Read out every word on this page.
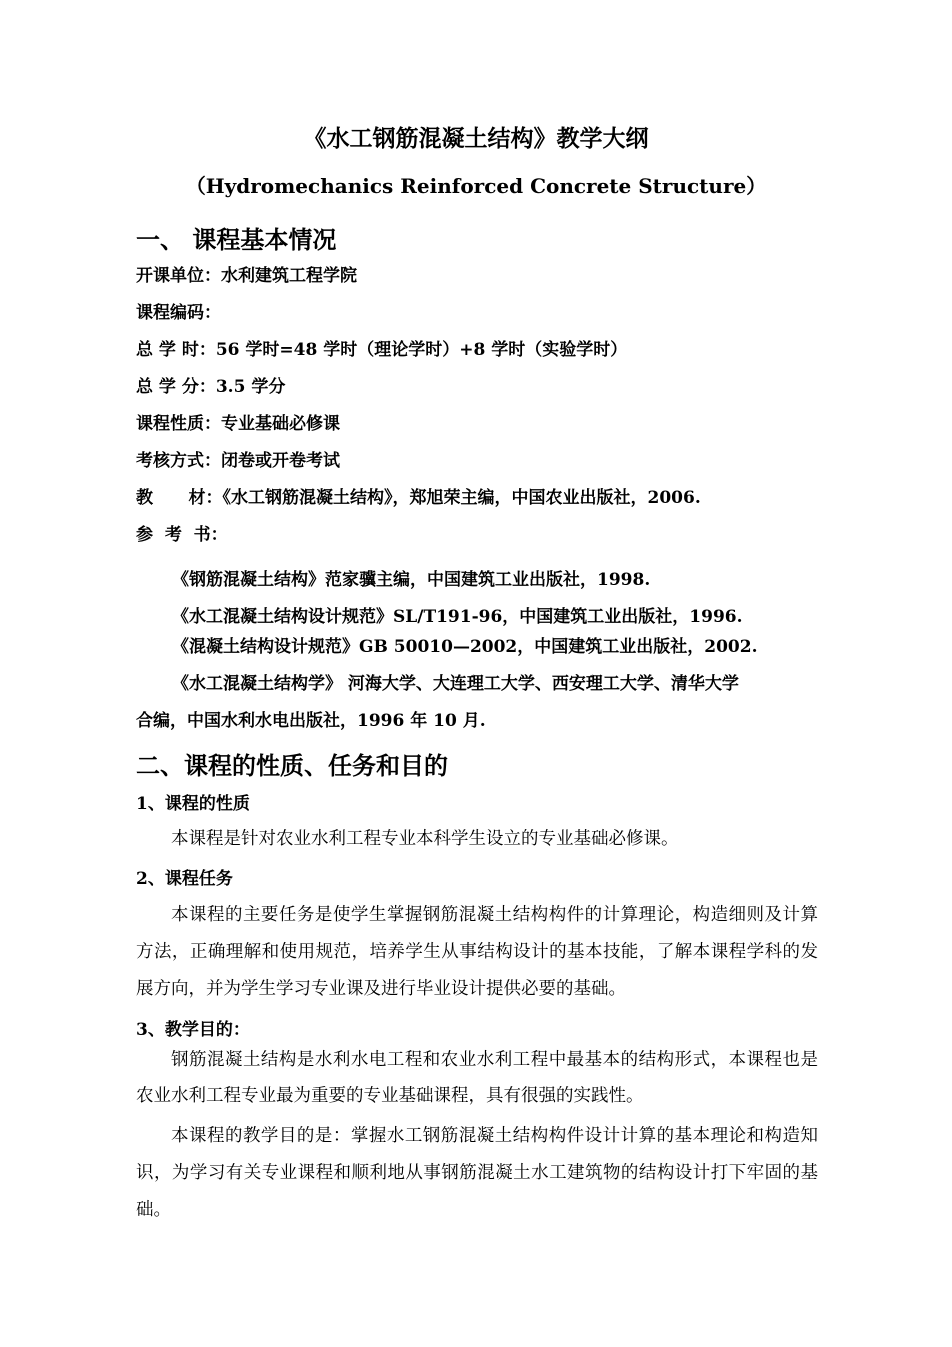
《水工钢筋混凝土结构》教学大纲
（Hydromechanics Reinforced Concrete Structure）
一、 课程基本情况
开课单位：水利建筑工程学院
课程编码：
总 学 时：56 学时=48 学时（理论学时）+8 学时（实验学时）
总 学 分：3.5 学分
课程性质：专业基础必修课
考核方式：闭卷或开卷考试
教      材：《水工钢筋混凝土结构》，郑旭荣主编，中国农业出版社，2006.
参  考  书：
《钢筋混凝土结构》范家骥主编，中国建筑工业出版社，1998.
《水工混凝土结构设计规范》SL/T191-96，中国建筑工业出版社，1996.
《混凝土结构设计规范》GB 50010—2002，中国建筑工业出版社，2002.
《水工混凝土结构学》 河海大学、大连理工大学、西安理工大学、清华大学
合编，中国水利水电出版社，1996 年 10 月.
二、课程的性质、任务和目的
1、课程的性质
本课程是针对农业水利工程专业本科学生设立的专业基础必修课。
2、课程任务
本课程的主要任务是使学生掌握钢筋混凝土结构构件的计算理论，构造细则及计算方法，正确理解和使用规范，培养学生从事结构设计的基本技能，了解本课程学科的发展方向，并为学生学习专业课及进行毕业设计提供必要的基础。
3、教学目的：
钢筋混凝土结构是水利水电工程和农业水利工程中最基本的结构形式，本课程也是农业水利工程专业最为重要的专业基础课程，具有很强的实践性。
本课程的教学目的是：掌握水工钢筋混凝土结构构件设计计算的基本理论和构造知识，为学习有关专业课程和顺利地从事钢筋混凝土水工建筑物的结构设计打下牢固的基础。
